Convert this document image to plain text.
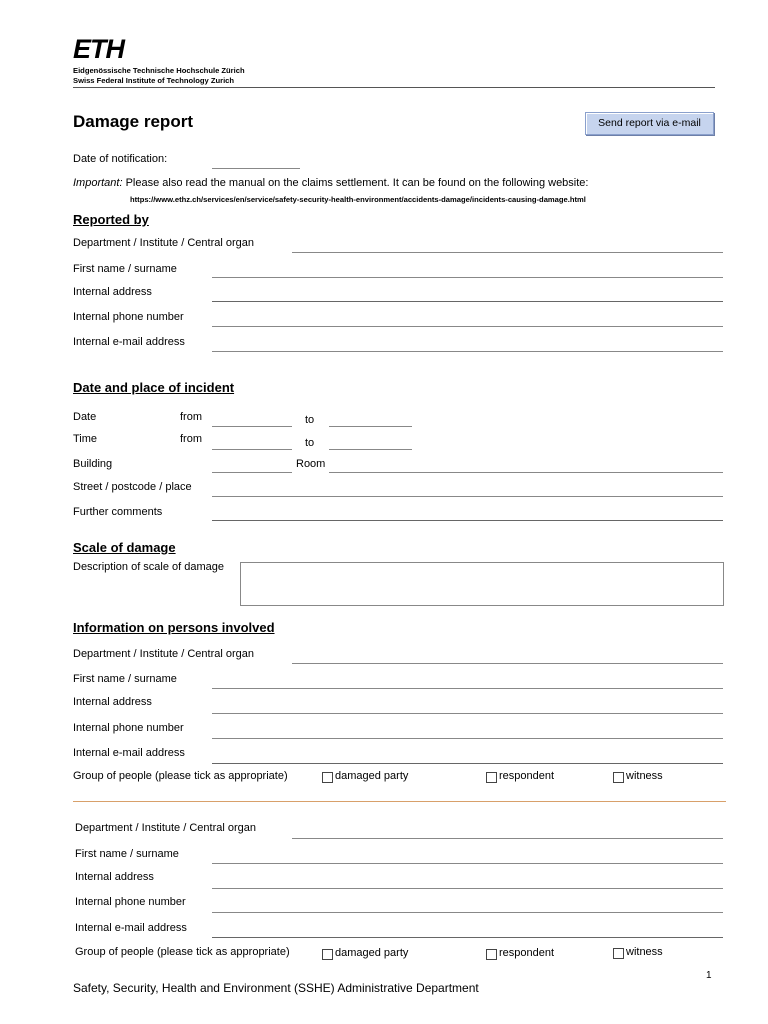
ETH
Eidgenössische Technische Hochschule Zürich
Swiss Federal Institute of Technology Zurich
Damage report	Send report via e-mail
Date of notification:
Important: Please also read the manual on the claims settlement. It can be found on the following website:
https://www.ethz.ch/services/en/service/safety-security-health-environment/accidents-damage/incidents-causing-damage.html
Reported by
Department / Institute / Central organ
First name / surname
Internal address
Internal phone number
Internal e-mail address
Date and place of incident
Date	from	to
Time	from	to
Building	Room
Street / postcode / place
Further comments
Scale of damage
Description of scale of damage
Information on persons involved
Department / Institute / Central organ
First name / surname
Internal address
Internal phone number
Internal e-mail address
Group of people (please tick as appropriate)	damaged party	respondent	witness
Department / Institute / Central organ
First name / surname
Internal address
Internal phone number
Internal e-mail address
Group of people (please tick as appropriate)	damaged party	respondent	witness
1
Safety, Security, Health and Environment (SSHE) Administrative Department
